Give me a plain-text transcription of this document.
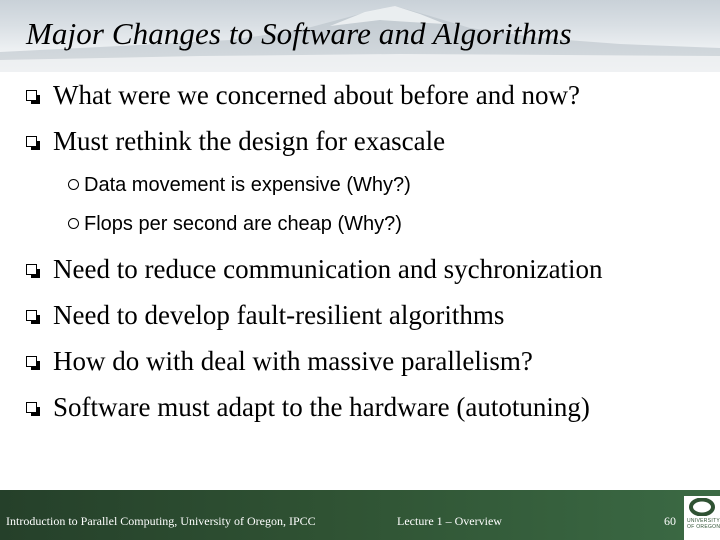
Major Changes to Software and Algorithms
What were we concerned about before and now?
Must rethink the design for exascale
Data movement is expensive (Why?)
Flops per second are cheap (Why?)
Need to reduce communication and sychronization
Need to develop fault-resilient algorithms
How do with deal with massive parallelism?
Software must adapt to the hardware (autotuning)
Introduction to Parallel Computing, University of Oregon, IPCC	Lecture 1 – Overview	60 UNIVERSITY
OF OREGON
